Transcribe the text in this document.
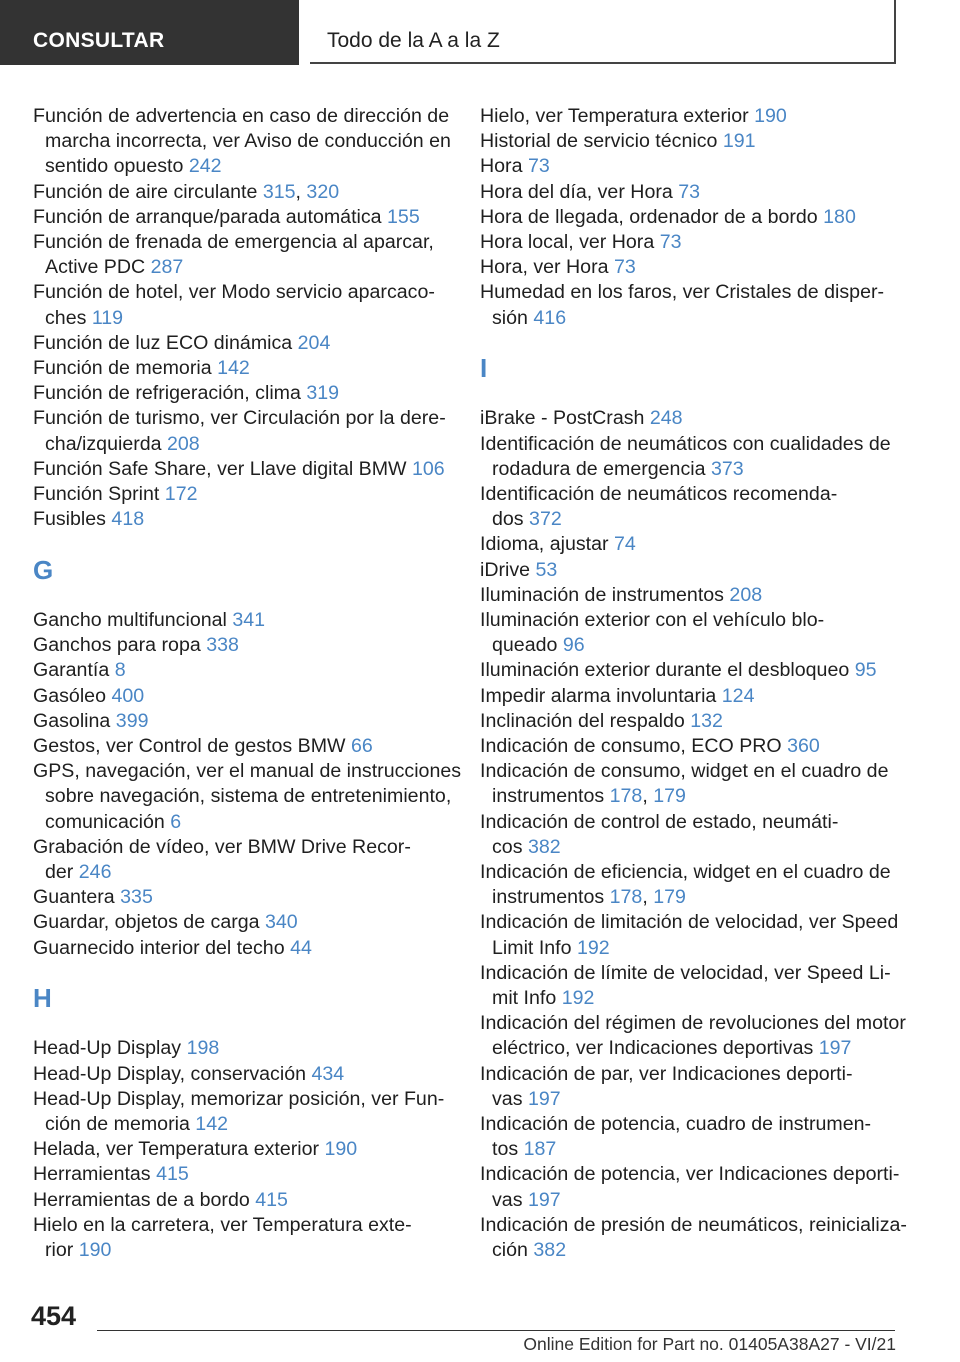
CONSULTAR	Todo de la A a la Z
Función de advertencia en caso de dirección de
marcha incorrecta, ver Aviso de conducción en
sentido opuesto 242
Función de aire circulante 315, 320
Función de arranque/parada automática 155
Función de frenada de emergencia al aparcar,
Active PDC 287
Función de hotel, ver Modo servicio aparcaco-
ches 119
Función de luz ECO dinámica 204
Función de memoria 142
Función de refrigeración, clima 319
Función de turismo, ver Circulación por la dere-
cha/izquierda 208
Función Safe Share, ver Llave digital BMW 106
Función Sprint 172
Fusibles 418
G
Gancho multifuncional 341
Ganchos para ropa 338
Garantía 8
Gasóleo 400
Gasolina 399
Gestos, ver Control de gestos BMW 66
GPS, navegación, ver el manual de instrucciones
sobre navegación, sistema de entretenimiento,
comunicación 6
Grabación de vídeo, ver BMW Drive Recor-
der 246
Guantera 335
Guardar, objetos de carga 340
Guarnecido interior del techo 44
H
Head-Up Display 198
Head-Up Display, conservación 434
Head-Up Display, memorizar posición, ver Fun-
ción de memoria 142
Helada, ver Temperatura exterior 190
Herramientas 415
Herramientas de a bordo 415
Hielo en la carretera, ver Temperatura exte-
rior 190
Hielo, ver Temperatura exterior 190
Historial de servicio técnico 191
Hora 73
Hora del día, ver Hora 73
Hora de llegada, ordenador de a bordo 180
Hora local, ver Hora 73
Hora, ver Hora 73
Humedad en los faros, ver Cristales de disper-
sión 416
I
iBrake - PostCrash 248
Identificación de neumáticos con cualidades de
rodadura de emergencia 373
Identificación de neumáticos recomenda-
dos 372
Idioma, ajustar 74
iDrive 53
Iluminación de instrumentos 208
Iluminación exterior con el vehículo blo-
queado 96
Iluminación exterior durante el desbloqueo 95
Impedir alarma involuntaria 124
Inclinación del respaldo 132
Indicación de consumo, ECO PRO 360
Indicación de consumo, widget en el cuadro de
instrumentos 178, 179
Indicación de control de estado, neumáti-
cos 382
Indicación de eficiencia, widget en el cuadro de
instrumentos 178, 179
Indicación de limitación de velocidad, ver Speed
Limit Info 192
Indicación de límite de velocidad, ver Speed Li-
mit Info 192
Indicación del régimen de revoluciones del motor
eléctrico, ver Indicaciones deportivas 197
Indicación de par, ver Indicaciones deporti-
vas 197
Indicación de potencia, cuadro de instrumen-
tos 187
Indicación de potencia, ver Indicaciones deporti-
vas 197
Indicación de presión de neumáticos, reinicializa-
ción 382
454
Online Edition for Part no. 01405A38A27 - VI/21
